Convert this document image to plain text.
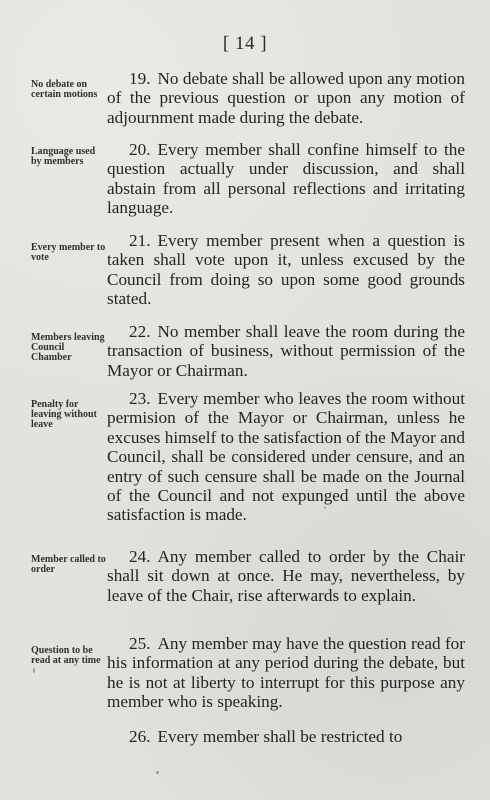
[ 14 ]
No debate on certain motions
19. No debate shall be allowed upon any motion of the previous question or upon any motion of adjournment made during the debate.
Language used by members
20. Every member shall confine himself to the question actually under discussion, and shall abstain from all personal reflections and irritating language.
Every member to vote
21. Every member present when a question is taken shall vote upon it, unless excused by the Council from doing so upon some good grounds stated.
Members leaving Council Chamber
22. No member shall leave the room during the transaction of business, without permission of the Mayor or Chairman.
Penalty for leaving without leave
23. Every member who leaves the room without permision of the Mayor or Chairman, unless he excuses himself to the satisfaction of the Mayor and Council, shall be considered under censure, and an entry of such censure shall be made on the Journal of the Council and not expunged until the above satisfaction is made.
Member called to order
24. Any member called to order by the Chair shall sit down at once. He may, nevertheless, by leave of the Chair, rise afterwards to explain.
Question to be read at any time
25. Any member may have the question read for his information at any period during the debate, but he is not at liberty to interrupt for this purpose any member who is speaking.
26. Every member shall be restricted to
